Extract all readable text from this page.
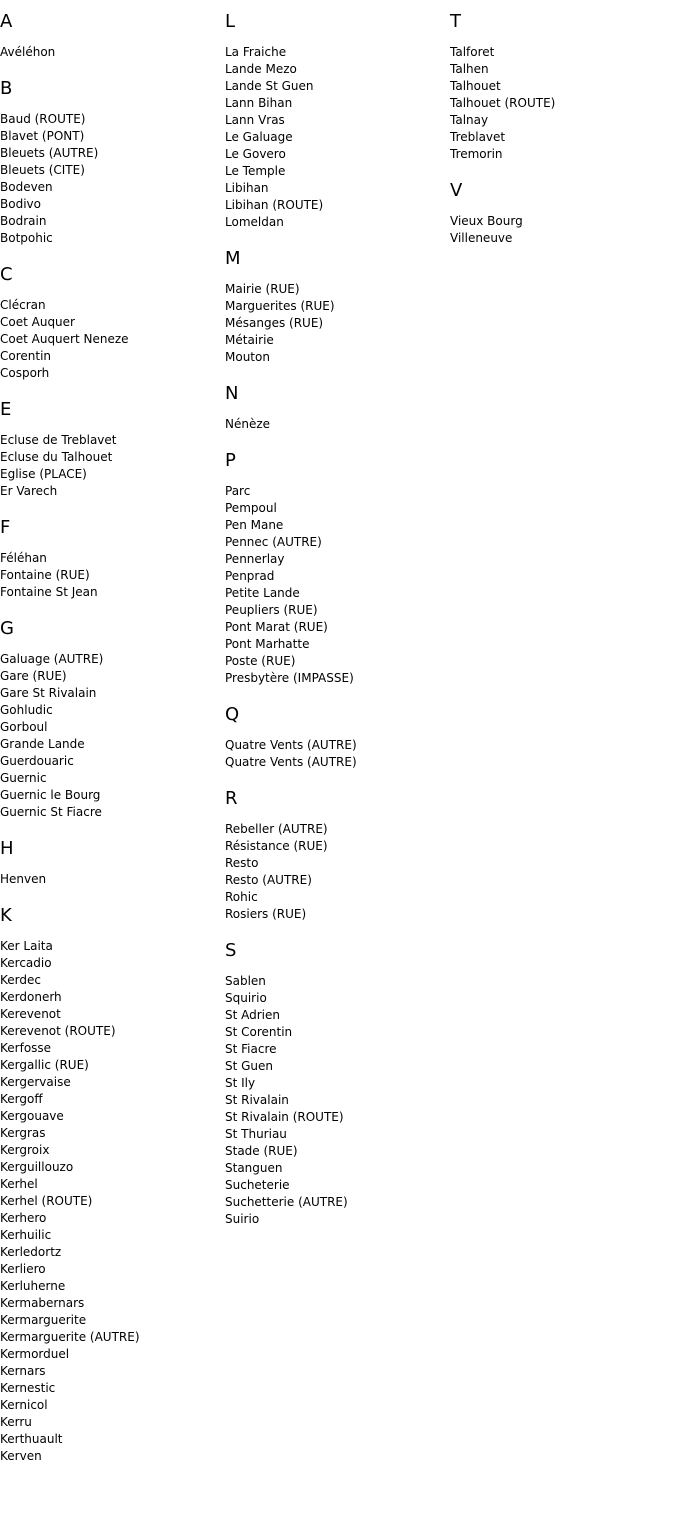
A
Avéléhon
B
Baud (ROUTE)
Blavet (PONT)
Bleuets (AUTRE)
Bleuets (CITE)
Bodeven
Bodivo
Bodrain
Botpohic
C
Clécran
Coet Auquer
Coet Auquert Neneze
Corentin
Cosporh
E
Ecluse de Treblavet
Ecluse du Talhouet
Eglise (PLACE)
Er Varech
F
Féléhan
Fontaine (RUE)
Fontaine St Jean
G
Galuage (AUTRE)
Gare (RUE)
Gare St Rivalain
Gohludic
Gorboul
Grande Lande
Guerdouaric
Guernic
Guernic le Bourg
Guernic St Fiacre
H
Henven
K
Ker Laita
Kercadio
Kerdec
Kerdonerh
Kerevenot
Kerevenot (ROUTE)
Kerfosse
Kergallic (RUE)
Kergervaise
Kergoff
Kergouave
Kergras
Kergroix
Kerguillouzo
Kerhel
Kerhel (ROUTE)
Kerhero
Kerhuilic
Kerledortz
Kerliero
Kerluherne
Kermabernars
Kermarguerite
Kermarguerite (AUTRE)
Kermorduel
Kernars
Kernestic
Kernicol
Kerru
Kerthuault
Kerven
L
La Fraiche
Lande Mezo
Lande St Guen
Lann Bihan
Lann Vras
Le Galuage
Le Govero
Le Temple
Libihan
Libihan (ROUTE)
Lomeldan
M
Mairie (RUE)
Marguerites (RUE)
Mésanges (RUE)
Métairie
Mouton
N
Nénèze
P
Parc
Pempoul
Pen Mane
Pennec (AUTRE)
Pennerlay
Penprad
Petite Lande
Peupliers (RUE)
Pont Marat (RUE)
Pont Marhatte
Poste (RUE)
Presbytère (IMPASSE)
Q
Quatre Vents (AUTRE)
Quatre Vents (AUTRE)
R
Rebeller (AUTRE)
Résistance (RUE)
Resto
Resto (AUTRE)
Rohic
Rosiers (RUE)
S
Sablen
Squirio
St Adrien
St Corentin
St Fiacre
St Guen
St Ily
St Rivalain
St Rivalain (ROUTE)
St Thuriau
Stade (RUE)
Stanguen
Sucheterie
Suchetterie (AUTRE)
Suirio
T
Talforet
Talhen
Talhouet
Talhouet (ROUTE)
Talnay
Treblavet
Tremorin
V
Vieux Bourg
Villeneuve
